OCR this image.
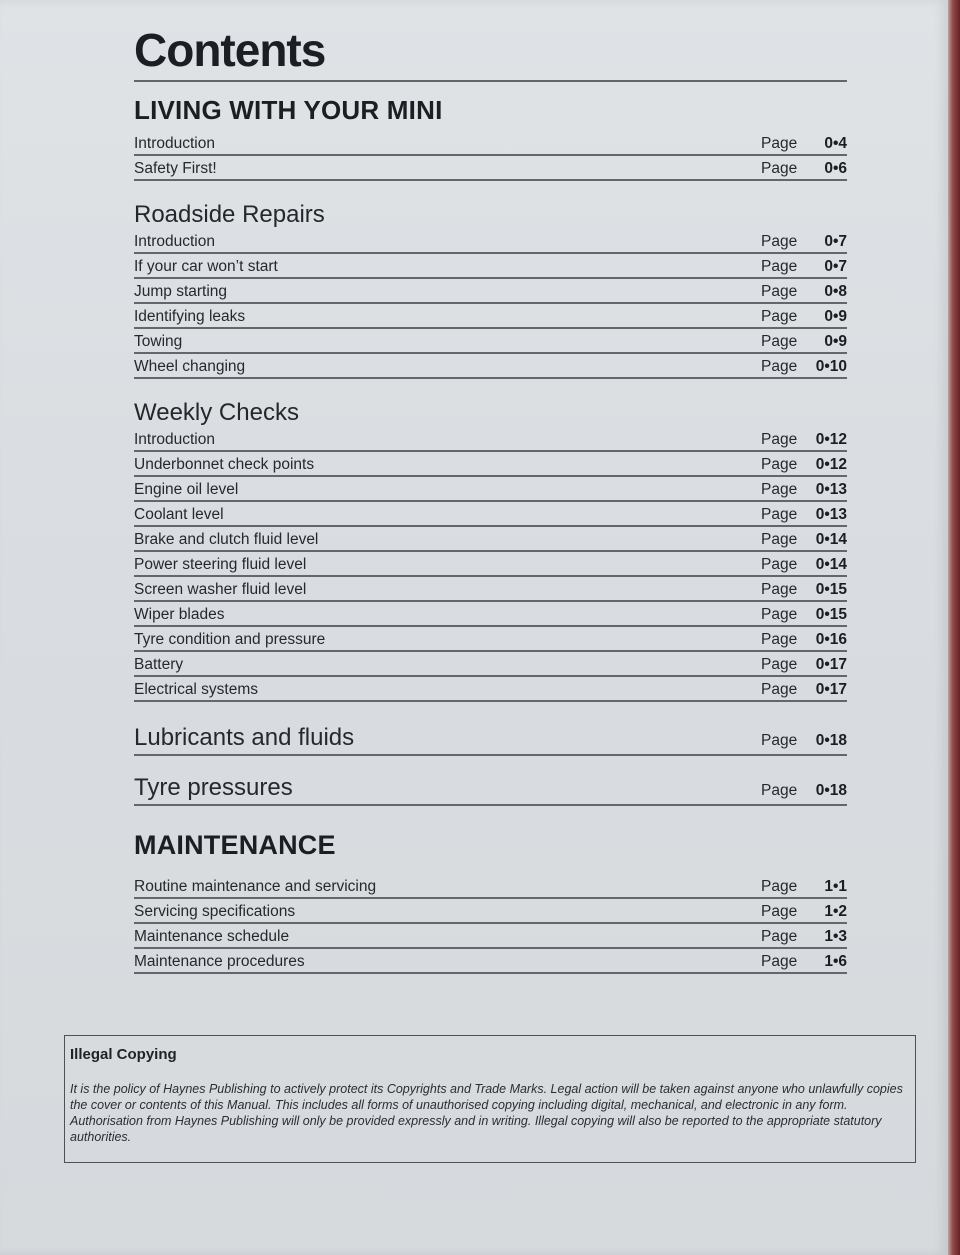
Contents
LIVING WITH YOUR MINI
Introduction	Page	0•4
Safety First!	Page	0•6
Roadside Repairs
Introduction	Page	0•7
If your car won’t start	Page	0•7
Jump starting	Page	0•8
Identifying leaks	Page	0•9
Towing	Page	0•9
Wheel changing	Page	0•10
Weekly Checks
Introduction	Page	0•12
Underbonnet check points	Page	0•12
Engine oil level	Page	0•13
Coolant level	Page	0•13
Brake and clutch fluid level	Page	0•14
Power steering fluid level	Page	0•14
Screen washer fluid level	Page	0•15
Wiper blades	Page	0•15
Tyre condition and pressure	Page	0•16
Battery	Page	0•17
Electrical systems	Page	0•17
Lubricants and fluids	Page	0•18
Tyre pressures	Page	0•18
MAINTENANCE
Routine maintenance and servicing	Page	1•1
Servicing specifications	Page	1•2
Maintenance schedule	Page	1•3
Maintenance procedures	Page	1•6
Illegal Copying
It is the policy of Haynes Publishing to actively protect its Copyrights and Trade Marks. Legal action will be taken against anyone who unlawfully copies the cover or contents of this Manual. This includes all forms of unauthorised copying including digital, mechanical, and electronic in any form. Authorisation from Haynes Publishing will only be provided expressly and in writing. Illegal copying will also be reported to the appropriate statutory authorities.
